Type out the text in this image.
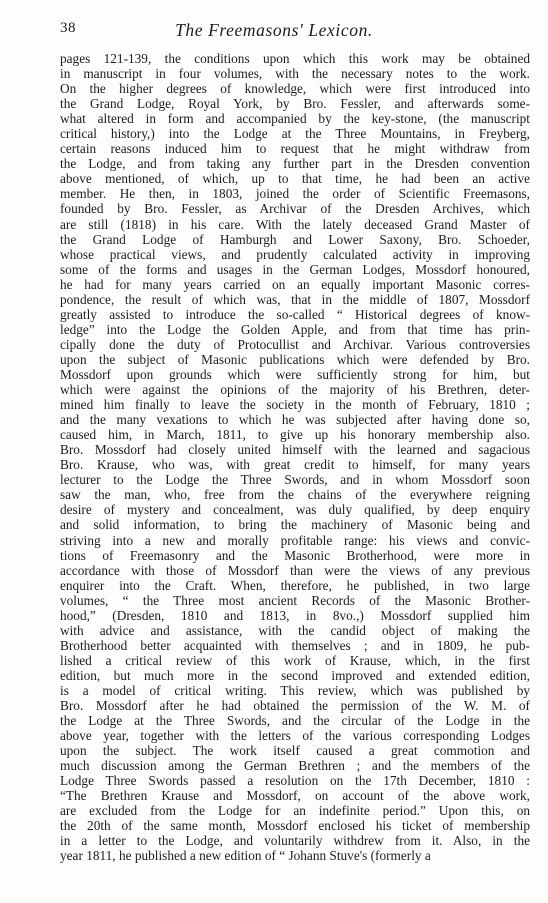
38	The Freemasons' Lexicon.
pages 121-139, the conditions upon which this work may be obtained
in manuscript in four volumes, with the necessary notes to the work.
On the higher degrees of knowledge, which were first introduced into
the Grand Lodge, Royal York, by Bro. Fessler, and afterwards some-
what altered in form and accompanied by the key-stone, (the manuscript
critical history,) into the Lodge at the Three Mountains, in Freyberg,
certain reasons induced him to request that he might withdraw from
the Lodge, and from taking any further part in the Dresden convention
above mentioned, of which, up to that time, he had been an active
member. He then, in 1803, joined the order of Scientific Freemasons,
founded by Bro. Fessler, as Archivar of the Dresden Archives, which
are still (1818) in his care. With the lately deceased Grand Master of
the Grand Lodge of Hamburgh and Lower Saxony, Bro. Schoeder,
whose practical views, and prudently calculated activity in improving
some of the forms and usages in the German Lodges, Mossdorf honoured,
he had for many years carried on an equally important Masonic corres-
pondence, the result of which was, that in the middle of 1807, Mossdorf
greatly assisted to introduce the so-called “ Historical degrees of know-
ledge” into the Lodge the Golden Apple, and from that time has prin-
cipally done the duty of Protocullist and Archivar. Various controversies
upon the subject of Masonic publications which were defended by Bro.
Mossdorf upon grounds which were sufficiently strong for him, but
which were against the opinions of the majority of his Brethren, deter-
mined him finally to leave the society in the month of February, 1810 ;
and the many vexations to which he was subjected after having done so,
caused him, in March, 1811, to give up his honorary membership also.
Bro. Mossdorf had closely united himself with the learned and sagacious
Bro. Krause, who was, with great credit to himself, for many years
lecturer to the Lodge the Three Swords, and in whom Mossdorf soon
saw the man, who, free from the chains of the everywhere reigning
desire of mystery and concealment, was duly qualified, by deep enquiry
and solid information, to bring the machinery of Masonic being and
striving into a new and morally profitable range: his views and convic-
tions of Freemasonry and the Masonic Brotherhood, were more in
accordance with those of Mossdorf than were the views of any previous
enquirer into the Craft. When, therefore, he published, in two large
volumes, “ the Three most ancient Records of the Masonic Brother-
hood,” (Dresden, 1810 and 1813, in 8vo.,) Mossdorf supplied him
with advice and assistance, with the candid object of making the
Brotherhood better acquainted with themselves ; and in 1809, he pub-
lished a critical review of this work of Krause, which, in the first
edition, but much more in the second improved and extended edition,
is a model of critical writing. This review, which was published by
Bro. Mossdorf after he had obtained the permission of the W. M. of
the Lodge at the Three Swords, and the circular of the Lodge in the
above year, together with the letters of the various corresponding Lodges
upon the subject. The work itself caused a great commotion and
much discussion among the German Brethren ; and the members of the
Lodge Three Swords passed a resolution on the 17th December, 1810 :
“The Brethren Krause and Mossdorf, on account of the above work,
are excluded from the Lodge for an indefinite period.” Upon this, on
the 20th of the same month, Mossdorf enclosed his ticket of membership
in a letter to the Lodge, and voluntarily withdrew from it. Also, in the
year 1811, he published a new edition of “ Johann Stuve's (formerly a
